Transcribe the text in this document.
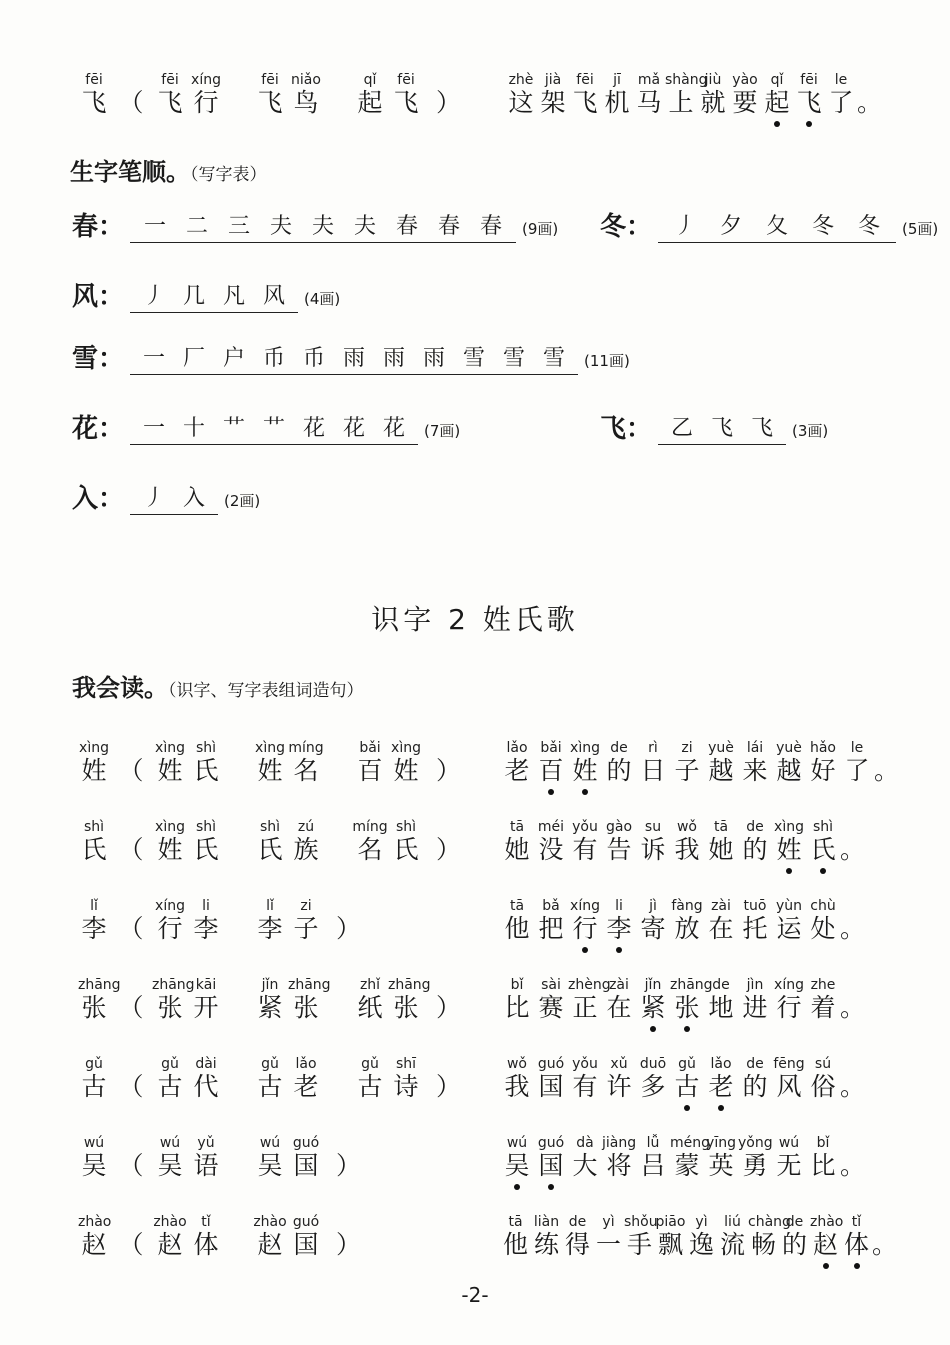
fēi
飞 （
fēi
飞
xíng
行
fēi
飞
niǎo
鸟
qǐ
起
fēi
飞 ）
zhè
这
jià
架
fēi
飞
jī
机
mǎ
马
shàng
上
jiù
就
yào
要
qǐ
起
fēi
飞
le
了 。
生字笔顺。（写字表）
春： 一 二 三 夫 夫 夫 春 春 春	(9画) 冬： 丿	夕	夂	冬	冬	(5画)
风： 丿 几 凡 风	(4画)
雪： 一 厂 户 币 币 雨 雨 雨 雪 雪 雪	(11画)
花： 一 十 艹 艹 花 花 花	(7画)	飞： 乙 飞 飞	(3画)
入： 丿 入	(2画)
识字 2 姓氏歌
我会读。（识字、写字表组词造句）
xìng
姓 （
xìng
姓
shì
氏
xìng
姓
míng
名
bǎi
百
xìng
姓 ）
lǎo
老
bǎi
百
xìng
姓
de
的
rì
日
zi
子
yuè
越
lái
来
yuè
越
hǎo
好
le
了 。
shì
氏 （
xìng
姓
shì
氏
shì
氏
zú
族
míng
名
shì
氏 ）
tā
她
méi
没
yǒu
有
gào
告
su
诉
wǒ
我
tā
她
de
的
xìng
姓
shì
氏 。
lǐ
李 （
xíng
行
li
李
lǐ
李
zi
子 ）
tā
他
bǎ
把
xíng
行
li
李
jì
寄
fàng
放
zài
在
tuō
托
yùn
运
chù
处 。
zhāng
张 （
zhāng
张
kāi
开
jǐn
紧
zhāng
张
zhǐ
纸
zhāng
张 ）
bǐ
比
sài
赛
zhèng
正
zài
在
jǐn
紧
zhāng
张
de
地
jìn
进
xíng
行
zhe
着 。
gǔ
古 （
gǔ
古
dài
代
gǔ
古
lǎo
老
gǔ
古
shī
诗 ）
wǒ
我
guó
国
yǒu
有
xǔ
许
duō
多
gǔ
古
lǎo
老
de
的
fēng
风
sú
俗 。
wú
吴 （
wú
吴
yǔ
语
wú
吴
guó
国 ）
wú
吴
guó
国
dà
大
jiàng
将
lǚ
吕
méng
蒙
yīng
英
yǒng
勇
wú
无
bǐ
比 。
zhào
赵 （
zhào
赵
tǐ
体
zhào
赵
guó
国 ）
tā
他
liàn
练
de
得
yì
一
shǒu
手
piāo
飘
yì
逸
liú
流
chàng
畅
de
的
zhào
赵
tǐ
体 。
-2-
